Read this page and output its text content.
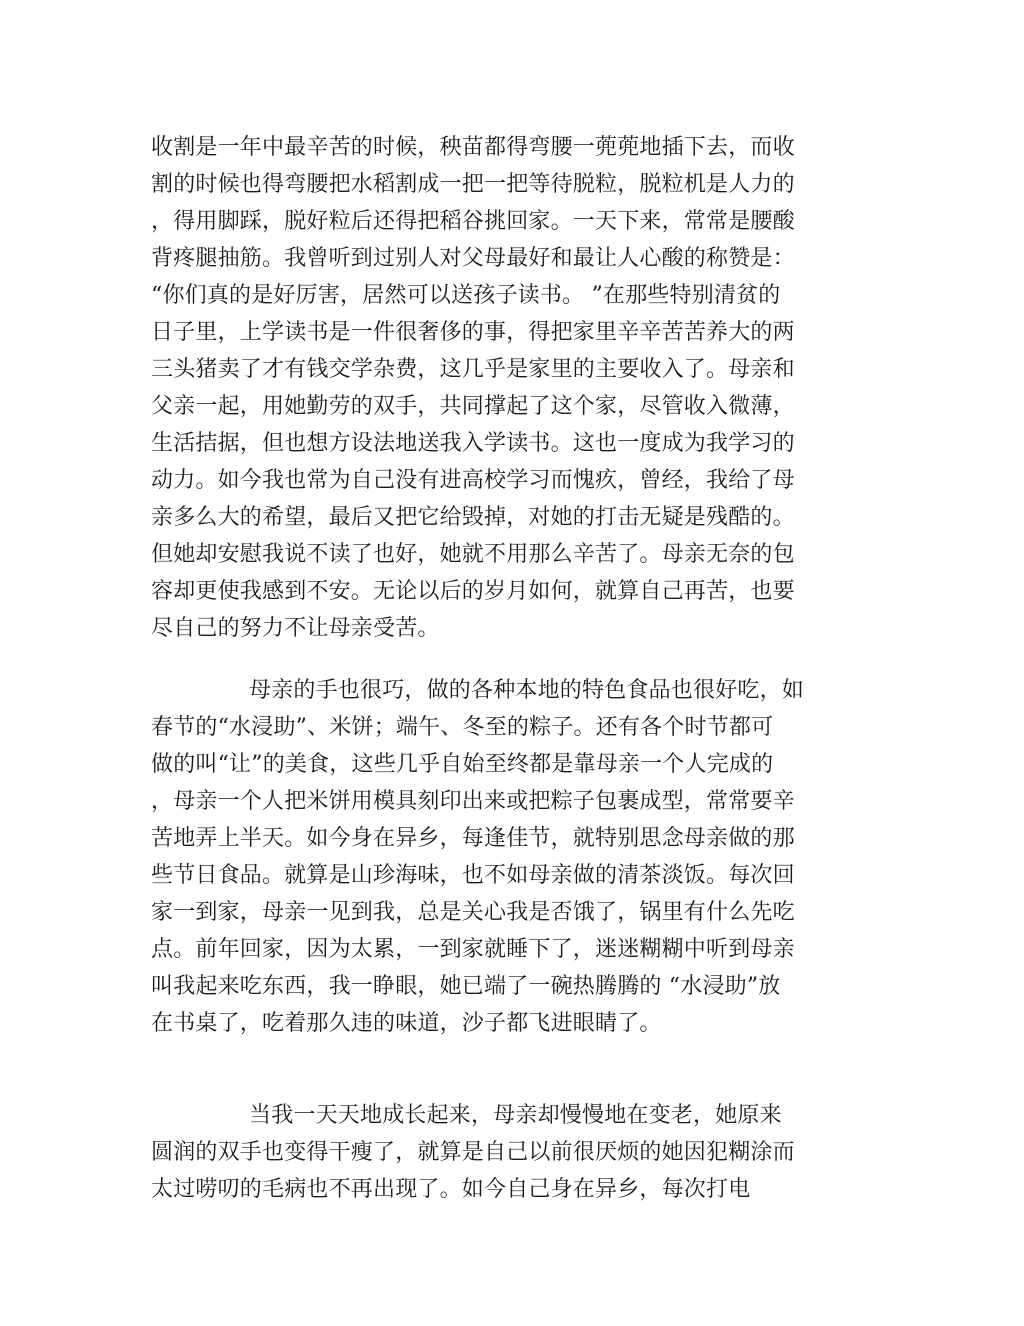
收割是一年中最辛苦的时候，秧苗都得弯腰一蔸蔸地插下去，而收
割的时候也得弯腰把水稻割成一把一把等待脱粒，脱粒机是人力的
，得用脚踩，脱好粒后还得把稻谷挑回家。一天下来，常常是腰酸
背疼腿抽筋。我曾听到过别人对父母最好和最让人心酸的称赞是：
“你们真的是好厉害，居然可以送孩子读书。 ”在那些特别清贫的
日子里，上学读书是一件很奢侈的事，得把家里辛辛苦苦养大的两
三头猪卖了才有钱交学杂费，这几乎是家里的主要收入了。母亲和
父亲一起，用她勤劳的双手，共同撑起了这个家，尽管收入微薄，
生活拮据，但也想方设法地送我入学读书。这也一度成为我学习的
动力。如今我也常为自己没有进高校学习而愧疚，曾经，我给了母
亲多么大的希望，最后又把它给毁掉，对她的打击无疑是残酷的。
但她却安慰我说不读了也好，她就不用那么辛苦了。母亲无奈的包
容却更使我感到不安。无论以后的岁月如何，就算自己再苦，也要
尽自己的努力不让母亲受苦。
母亲的手也很巧，做的各种本地的特色食品也很好吃，如
春节的“水浸助”、米饼；端午、冬至的粽子。还有各个时节都可
做的叫“让”的美食，这些几乎自始至终都是靠母亲一个人完成的
，母亲一个人把米饼用模具刻印出来或把粽子包裹成型，常常要辛
苦地弄上半天。如今身在异乡，每逢佳节，就特别思念母亲做的那
些节日食品。就算是山珍海味，也不如母亲做的清茶淡饭。每次回
家一到家，母亲一见到我，总是关心我是否饿了，锅里有什么先吃
点。前年回家，因为太累，一到家就睡下了，迷迷糊糊中听到母亲
叫我起来吃东西，我一睁眼，她已端了一碗热腾腾的 “水浸助”放
在书桌了，吃着那久违的味道，沙子都飞进眼睛了。
当我一天天地成长起来，母亲却慢慢地在变老，她原来
圆润的双手也变得干瘦了，就算是自己以前很厌烦的她因犯糊涂而
太过唠叨的毛病也不再出现了。如今自己身在异乡，每次打电
